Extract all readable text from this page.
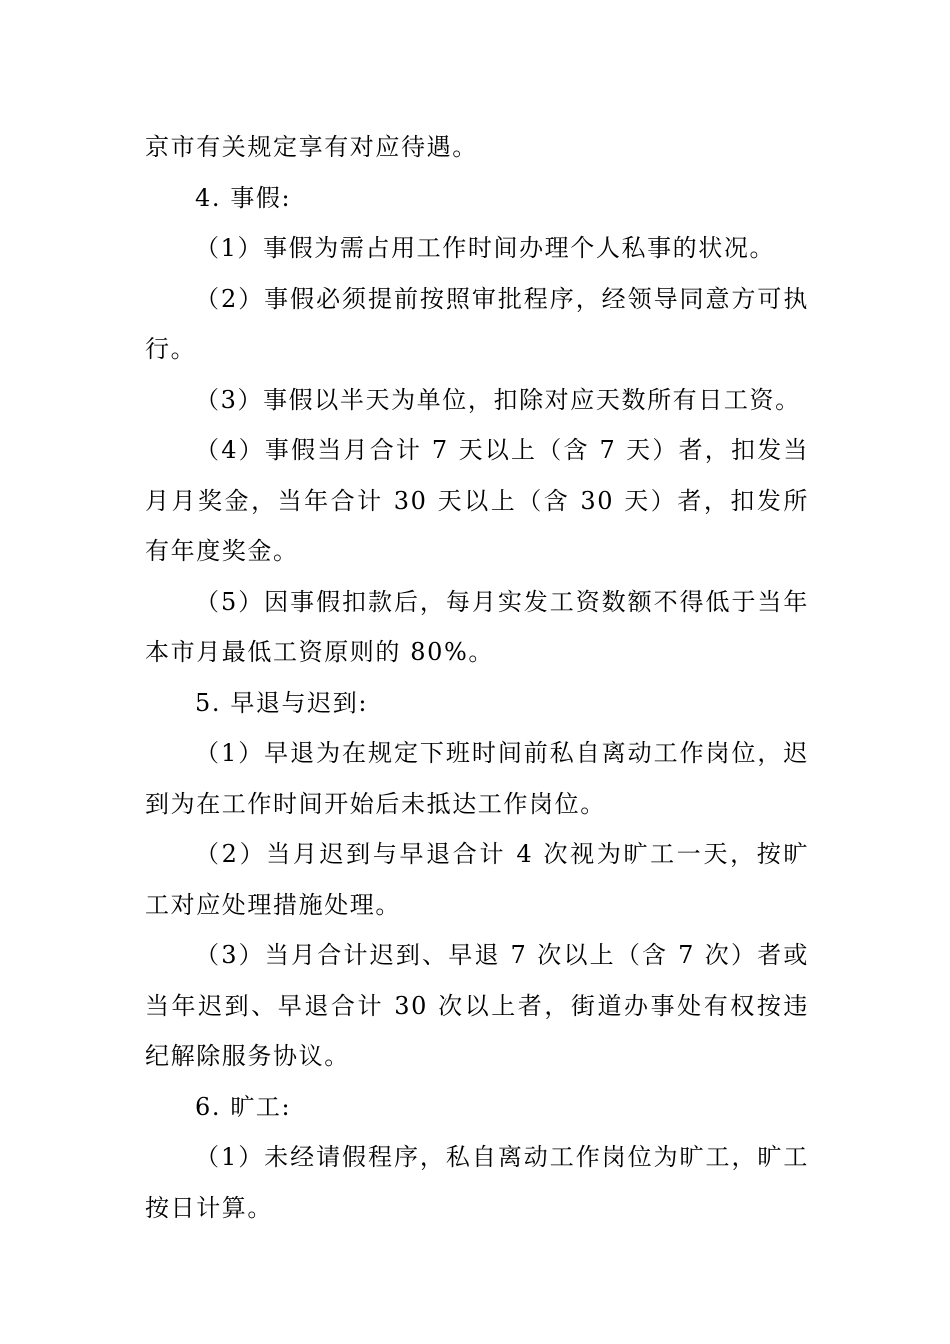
京市有关规定享有对应待遇。

4. 事假:

（1）事假为需占用工作时间办理个人私事的状况。

（2）事假必须提前按照审批程序，经领导同意方可执行。

（3）事假以半天为单位，扣除对应天数所有日工资。

（4）事假当月合计 7 天以上（含 7 天）者，扣发当月月奖金，当年合计 30 天以上（含 30 天）者，扣发所有年度奖金。

（5）因事假扣款后，每月实发工资数额不得低于当年本市月最低工资原则的 80%。

5. 早退与迟到:

（1）早退为在规定下班时间前私自离动工作岗位，迟到为在工作时间开始后未抵达工作岗位。

（2）当月迟到与早退合计 4 次视为旷工一天，按旷工对应处理措施处理。

（3）当月合计迟到、早退 7 次以上（含 7 次）者或当年迟到、早退合计 30 次以上者，街道办事处有权按违纪解除服务协议。

6. 旷工:

（1）未经请假程序，私自离动工作岗位为旷工，旷工按日计算。
